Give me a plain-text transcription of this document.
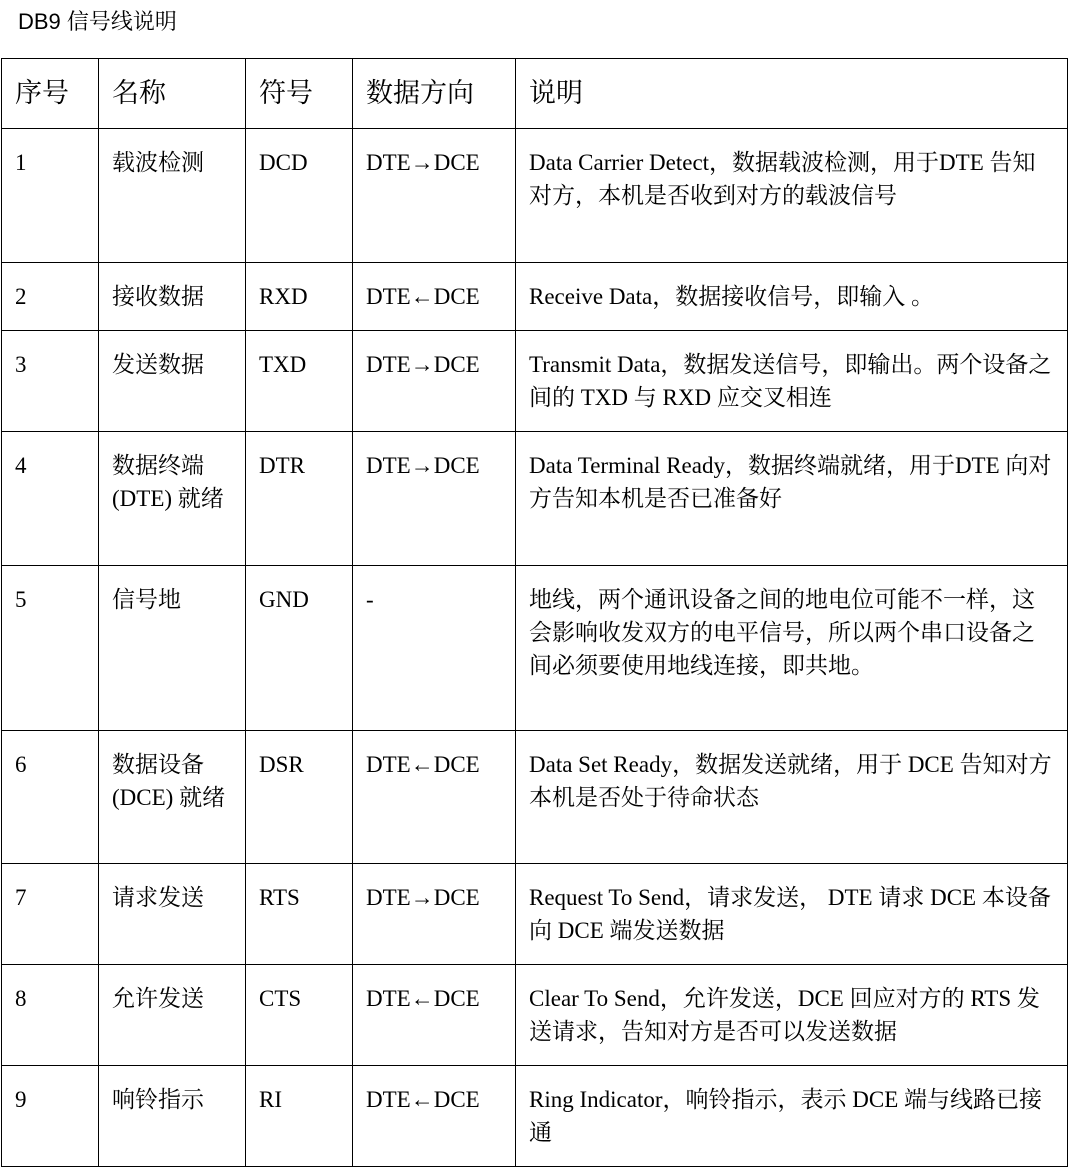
DB9 信号线说明
序号	名称	符号	数据方向	说明
1	载波检测	DCD	DTE→DCE	Data Carrier Detect，数据载波检测，用于DTE 告知对方，本机是否收到对方的载波信号
2	接收数据	RXD	DTE←DCE	Receive Data，数据接收信号，即输入 。
3	发送数据	TXD	DTE→DCE	Transmit Data，数据发送信号，即输出。两个设备之间的 TXD 与 RXD 应交叉相连
4	数据终端 (DTE) 就绪	DTR	DTE→DCE	Data Terminal Ready，数据终端就绪，用于DTE 向对方告知本机是否已准备好
5	信号地	GND	-	地线，两个通讯设备之间的地电位可能不一样，这会影响收发双方的电平信号，所以两个串口设备之间必须要使用地线连接，即共地。
6	数据设备 (DCE) 就绪	DSR	DTE←DCE	Data Set Ready，数据发送就绪，用于 DCE 告知对方本机是否处于待命状态
7	请求发送	RTS	DTE→DCE	Request To Send，请求发送， DTE 请求 DCE 本设备向 DCE 端发送数据
8	允许发送	CTS	DTE←DCE	Clear To Send，允许发送，DCE 回应对方的 RTS 发送请求，告知对方是否可以发送数据
9	响铃指示	RI	DTE←DCE	Ring Indicator，响铃指示，表示 DCE 端与线路已接通
